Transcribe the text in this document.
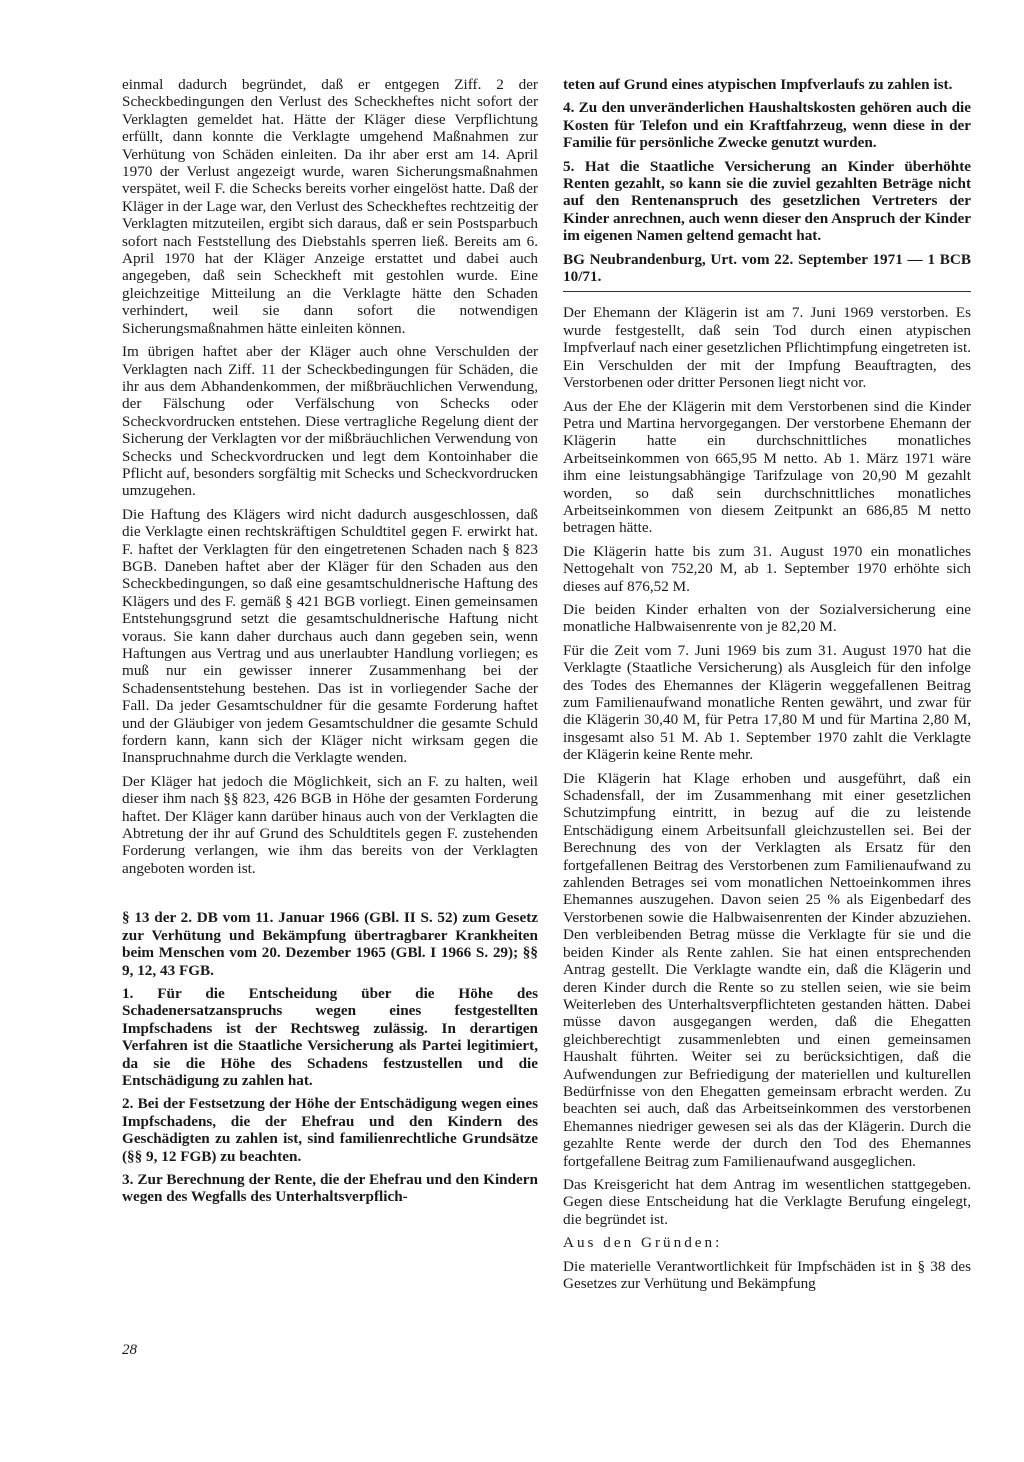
einmal dadurch begründet, daß er entgegen Ziff. 2 der Scheckbedingungen den Verlust des Scheckheftes nicht sofort der Verklagten gemeldet hat. Hätte der Kläger diese Verpflichtung erfüllt, dann konnte die Verklagte umgehend Maßnahmen zur Verhütung von Schäden einleiten. Da ihr aber erst am 14. April 1970 der Verlust angezeigt wurde, waren Sicherungsmaßnahmen verspätet, weil F. die Schecks bereits vorher eingelöst hatte. Daß der Kläger in der Lage war, den Verlust des Scheckheftes rechtzeitig der Verklagten mitzuteilen, ergibt sich daraus, daß er sein Postsparbuch sofort nach Feststellung des Diebstahls sperren ließ. Bereits am 6. April 1970 hat der Kläger Anzeige erstattet und dabei auch angegeben, daß sein Scheckheft mit gestohlen wurde. Eine gleichzeitige Mitteilung an die Verklagte hätte den Schaden verhindert, weil sie dann sofort die notwendigen Sicherungsmaßnahmen hätte einleiten können.

Im übrigen haftet aber der Kläger auch ohne Verschulden der Verklagten nach Ziff. 11 der Scheckbedingungen für Schäden, die ihr aus dem Abhandenkommen, der mißbräuchlichen Verwendung, der Fälschung oder Verfälschung von Schecks oder Scheckvordrucken entstehen. Diese vertragliche Regelung dient der Sicherung der Verklagten vor der mißbräuchlichen Verwendung von Schecks und Scheckvordrucken und legt dem Kontoinhaber die Pflicht auf, besonders sorgfältig mit Schecks und Scheckvordrucken umzugehen.

Die Haftung des Klägers wird nicht dadurch ausgeschlossen, daß die Verklagte einen rechtskräftigen Schuldtitel gegen F. erwirkt hat. F. haftet der Verklagten für den eingetretenen Schaden nach § 823 BGB. Daneben haftet aber der Kläger für den Schaden aus den Scheckbedingungen, so daß eine gesamtschuldnerische Haftung des Klägers und des F. gemäß § 421 BGB vorliegt. Einen gemeinsamen Entstehungsgrund setzt die gesamtschuldnerische Haftung nicht voraus. Sie kann daher durchaus auch dann gegeben sein, wenn Haftungen aus Vertrag und aus unerlaubter Handlung vorliegen; es muß nur ein gewisser innerer Zusammenhang bei der Schadensentstehung bestehen. Das ist in vorliegender Sache der Fall. Da jeder Gesamtschuldner für die gesamte Forderung haftet und der Gläubiger von jedem Gesamtschuldner die gesamte Schuld fordern kann, kann sich der Kläger nicht wirksam gegen die Inanspruchnahme durch die Verklagte wenden.

Der Kläger hat jedoch die Möglichkeit, sich an F. zu halten, weil dieser ihm nach §§ 823, 426 BGB in Höhe der gesamten Forderung haftet. Der Kläger kann darüber hinaus auch von der Verklagten die Abtretung der ihr auf Grund des Schuldtitels gegen F. zustehenden Forderung verlangen, wie ihm das bereits von der Verklagten angeboten worden ist.

§ 13 der 2. DB vom 11. Januar 1966 (GBl. II S. 52) zum Gesetz zur Verhütung und Bekämpfung übertragbarer Krankheiten beim Menschen vom 20. Dezember 1965 (GBl. I 1966 S. 29); §§ 9, 12, 43 FGB.

1. Für die Entscheidung über die Höhe des Schadenersatzanspruchs wegen eines festgestellten Impfschadens ist der Rechtsweg zulässig. In derartigen Verfahren ist die Staatliche Versicherung als Partei legitimiert, da sie die Höhe des Schadens festzustellen und die Entschädigung zu zahlen hat.

2. Bei der Festsetzung der Höhe der Entschädigung wegen eines Impfschadens, die der Ehefrau und den Kindern des Geschädigten zu zahlen ist, sind familienrechtliche Grundsätze (§§ 9, 12 FGB) zu beachten.

3. Zur Berechnung der Rente, die der Ehefrau und den Kindern wegen des Wegfalls des Unterhaltsverpflich-

teten auf Grund eines atypischen Impfverlaufs zu zahlen ist.

4. Zu den unveränderlichen Haushaltskosten gehören auch die Kosten für Telefon und ein Kraftfahrzeug, wenn diese in der Familie für persönliche Zwecke genutzt wurden.

5. Hat die Staatliche Versicherung an Kinder überhöhte Renten gezahlt, so kann sie die zuviel gezahlten Beträge nicht auf den Rentenanspruch des gesetzlichen Vertreters der Kinder anrechnen, auch wenn dieser den Anspruch der Kinder im eigenen Namen geltend gemacht hat.

BG Neubrandenburg, Urt. vom 22. September 1971 — 1 BCB 10/71.

Der Ehemann der Klägerin ist am 7. Juni 1969 verstorben. Es wurde festgestellt, daß sein Tod durch einen atypischen Impfverlauf nach einer gesetzlichen Pflichtimpfung eingetreten ist. Ein Verschulden der mit der Impfung Beauftragten, des Verstorbenen oder dritter Personen liegt nicht vor.

Aus der Ehe der Klägerin mit dem Verstorbenen sind die Kinder Petra und Martina hervorgegangen. Der verstorbene Ehemann der Klägerin hatte ein durchschnittliches monatliches Arbeitseinkommen von 665,95 M netto. Ab 1. März 1971 wäre ihm eine leistungsabhängige Tarifzulage von 20,90 M gezahlt worden, so daß sein durchschnittliches monatliches Arbeitseinkommen von diesem Zeitpunkt an 686,85 M netto betragen hätte.

Die Klägerin hatte bis zum 31. August 1970 ein monatliches Nettogehalt von 752,20 M, ab 1. September 1970 erhöhte sich dieses auf 876,52 M.

Die beiden Kinder erhalten von der Sozialversicherung eine monatliche Halbwaisenrente von je 82,20 M.

Für die Zeit vom 7. Juni 1969 bis zum 31. August 1970 hat die Verklagte (Staatliche Versicherung) als Ausgleich für den infolge des Todes des Ehemannes der Klägerin weggefallenen Beitrag zum Familienaufwand monatliche Renten gewährt, und zwar für die Klägerin 30,40 M, für Petra 17,80 M und für Martina 2,80 M, insgesamt also 51 M. Ab 1. September 1970 zahlt die Verklagte der Klägerin keine Rente mehr.

Die Klägerin hat Klage erhoben und ausgeführt, daß ein Schadensfall, der im Zusammenhang mit einer gesetzlichen Schutzimpfung eintritt, in bezug auf die zu leistende Entschädigung einem Arbeitsunfall gleichzustellen sei. Bei der Berechnung des von der Verklagten als Ersatz für den fortgefallenen Beitrag des Verstorbenen zum Familienaufwand zu zahlenden Betrages sei vom monatlichen Nettoeinkommen ihres Ehemannes auszugehen. Davon seien 25 % als Eigenbedarf des Verstorbenen sowie die Halbwaisenrenten der Kinder abzuziehen. Den verbleibenden Betrag müsse die Verklagte für sie und die beiden Kinder als Rente zahlen. Sie hat einen entsprechenden Antrag gestellt. Die Verklagte wandte ein, daß die Klägerin und deren Kinder durch die Rente so zu stellen seien, wie sie beim Weiterleben des Unterhaltsverpflichteten gestanden hätten. Dabei müsse davon ausgegangen werden, daß die Ehegatten gleichberechtigt zusammenlebten und einen gemeinsamen Haushalt führten. Weiter sei zu berücksichtigen, daß die Aufwendungen zur Befriedigung der materiellen und kulturellen Bedürfnisse von den Ehegatten gemeinsam erbracht werden. Zu beachten sei auch, daß das Arbeitseinkommen des verstorbenen Ehemannes niedriger gewesen sei als das der Klägerin. Durch die gezahlte Rente werde der durch den Tod des Ehemannes fortgefallene Beitrag zum Familienaufwand ausgeglichen.

Das Kreisgericht hat dem Antrag im wesentlichen stattgegeben. Gegen diese Entscheidung hat die Verklagte Berufung eingelegt, die begründet ist.

Aus den Gründen:

Die materielle Verantwortlichkeit für Impfschäden ist in § 38 des Gesetzes zur Verhütung und Bekämpfung

28
